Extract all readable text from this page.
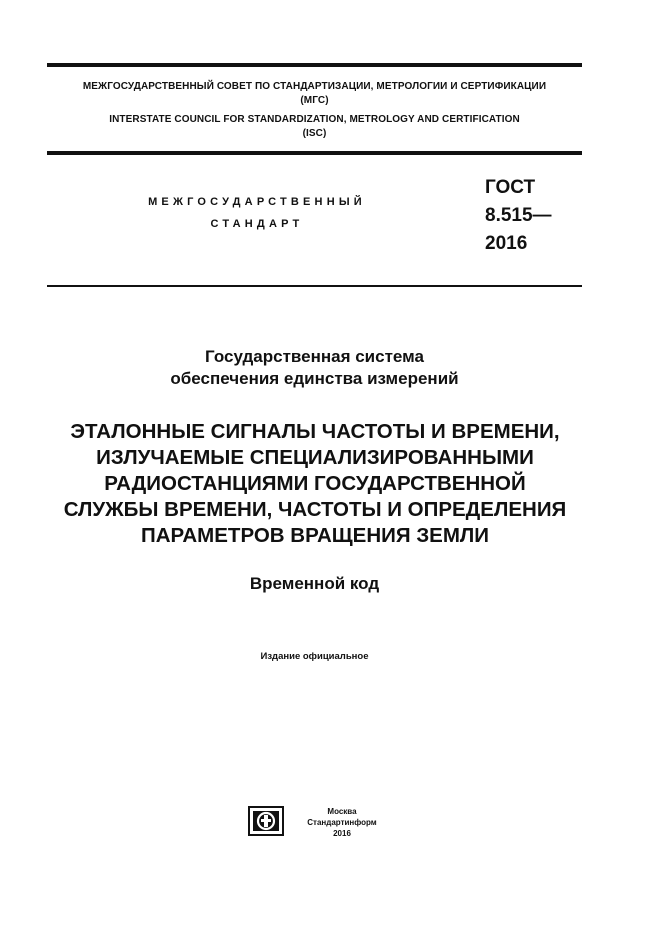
МЕЖГОСУДАРСТВЕННЫЙ СОВЕТ ПО СТАНДАРТИЗАЦИИ, МЕТРОЛОГИИ И СЕРТИФИКАЦИИ
(МГС)
INTERSTATE COUNCIL FOR STANDARDIZATION, METROLOGY AND CERTIFICATION
(ISC)
МЕЖГОСУДАРСТВЕННЫЙ
СТАНДАРТ
ГОСТ
8.515—
2016
Государственная система
обеспечения единства измерений
ЭТАЛОННЫЕ СИГНАЛЫ ЧАСТОТЫ И ВРЕМЕНИ,
ИЗЛУЧАЕМЫЕ СПЕЦИАЛИЗИРОВАННЫМИ
РАДИОСТАНЦИЯМИ ГОСУДАРСТВЕННОЙ
СЛУЖБЫ ВРЕМЕНИ, ЧАСТОТЫ И ОПРЕДЕЛЕНИЯ
ПАРАМЕТРОВ ВРАЩЕНИЯ ЗЕМЛИ
Временной код
Издание официальное
Москва
Стандартинформ
2016
